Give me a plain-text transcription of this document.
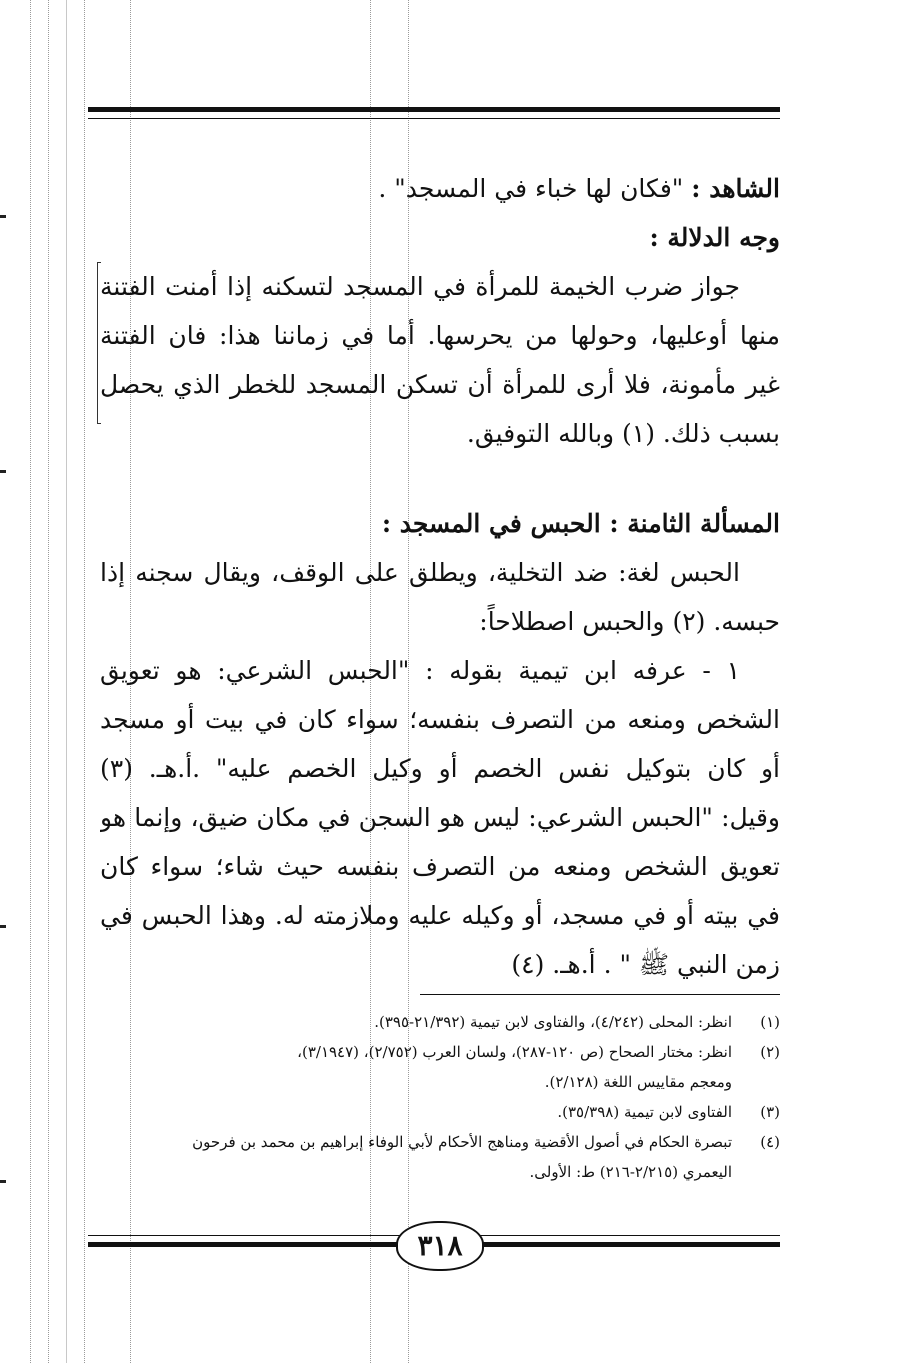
الشاهد : "فكان لها خباء في المسجد" .
وجه الدلالة :
جواز ضرب الخيمة للمرأة في المسجد لتسكنه إذا أمنت الفتنة
منها أوعليها، وحولها من يحرسها. أما في زماننا هذا: فان الفتنة
غير مأمونة، فلا أرى للمرأة أن تسكن المسجد للخطر الذي يحصل
بسبب ذلك. (١) وبالله التوفيق.
المسألة الثامنة : الحبس في المسجد :
الحبس لغة: ضد التخلية، ويطلق على الوقف، ويقال سجنه إذا
حبسه. (٢) والحبس اصطلاحاً:
١ - عرفه ابن تيمية بقوله : "الحبس الشرعي: هو تعويق
الشخص ومنعه من التصرف بنفسه؛ سواء كان في بيت أو مسجد
أو كان بتوكيل نفس الخصم أو وكيل الخصم عليه" .أ.هـ. (٣)
وقيل: "الحبس الشرعي: ليس هو السجن في مكان ضيق، وإنما هو
تعويق الشخص ومنعه من التصرف بنفسه حيث شاء؛ سواء كان
في بيته أو في مسجد، أو وكيله عليه وملازمته له. وهذا الحبس في
زمن النبي ﷺ " . أ.هـ. (٤)
(١)
انظر: المحلى (٤/٢٤٢)، والفتاوى لابن تيمية (٢١/٣٩٢-٣٩٥).
(٢)
انظر: مختار الصحاح (ص ١٢٠-٢٨٧)، ولسان العرب (٢/٧٥٢)، (٣/١٩٤٧)،
ومعجم مقاييس اللغة (٢/١٢٨).
(٣)
الفتاوى لابن تيمية (٣٥/٣٩٨).
(٤)
تبصرة الحكام في أصول الأقضية ومناهج الأحكام لأبي الوفاء إبراهيم بن محمد بن فرحون
اليعمري (٢/٢١٥-٢١٦) ط: الأولى.
٣١٨
